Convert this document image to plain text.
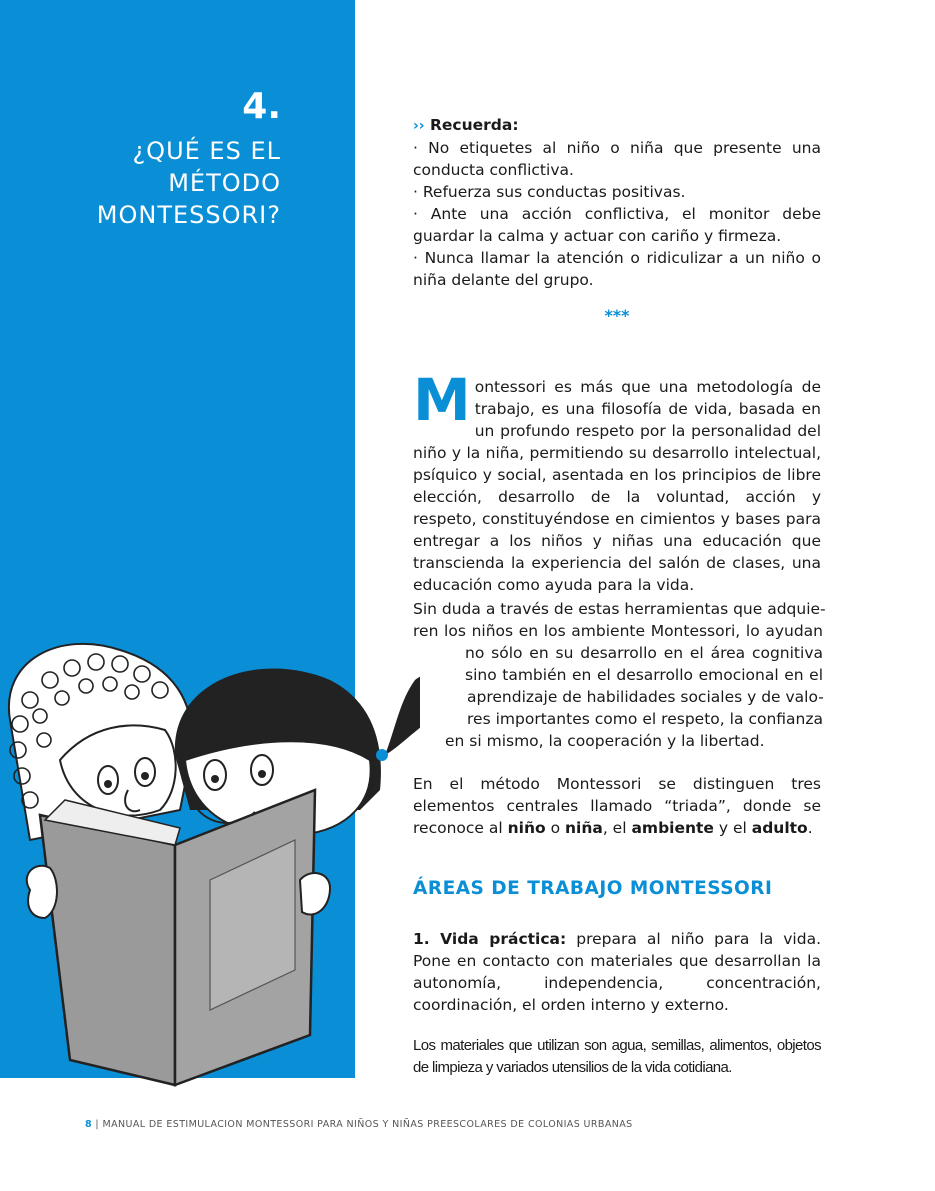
4.
¿QUÉ ES EL
MÉTODO
MONTESSORI?
›› Recuerda:
· No etiquetes al niño o niña que presente una conducta conflictiva.
· Refuerza sus conductas positivas.
· Ante una acción conflictiva, el monitor debe guardar la calma y actuar con cariño y firmeza.
· Nunca llamar la atención o ridiculizar a un niño o niña delante del grupo.
***
M ontessori es más que una metodología de trabajo, es una filosofía de vida, basada en un profundo respeto por la personalidad del niño y la niña, permitiendo su desarrollo intelectual, psíquico y social, asentada en los principios de libre elección, desarrollo de la voluntad, acción y respeto, constituyéndose en cimientos y bases para entregar a los niños y niñas una educación que transcienda la experiencia del salón de clases, una educación como ayuda para la vida.
Sin duda a través de estas herramientas que adquie-
ren los niños en los ambiente Montessori, lo ayudan
no sólo en su desarrollo en el área cognitiva
sino también en el desarrollo emocional en el
aprendizaje de habilidades sociales y de valo-
res importantes como el respeto, la confianza
en si mismo, la cooperación y la libertad.
En el método Montessori se distinguen tres elementos centrales llamado “triada”, donde se reconoce al niño o niña, el ambiente y el adulto.
ÁREAS DE TRABAJO MONTESSORI
1. Vida práctica: prepara al niño para la vida. Pone en contacto con materiales que desarrollan la autonomía, independencia, concentración, coordinación, el orden interno y externo.
Los materiales que utilizan son agua, semillas, alimentos, objetos de limpieza y variados utensilios de la vida cotidiana.
8 | MANUAL DE ESTIMULACION MONTESSORI PARA NIÑOS Y NIÑAS PREESCOLARES DE COLONIAS URBANAS
